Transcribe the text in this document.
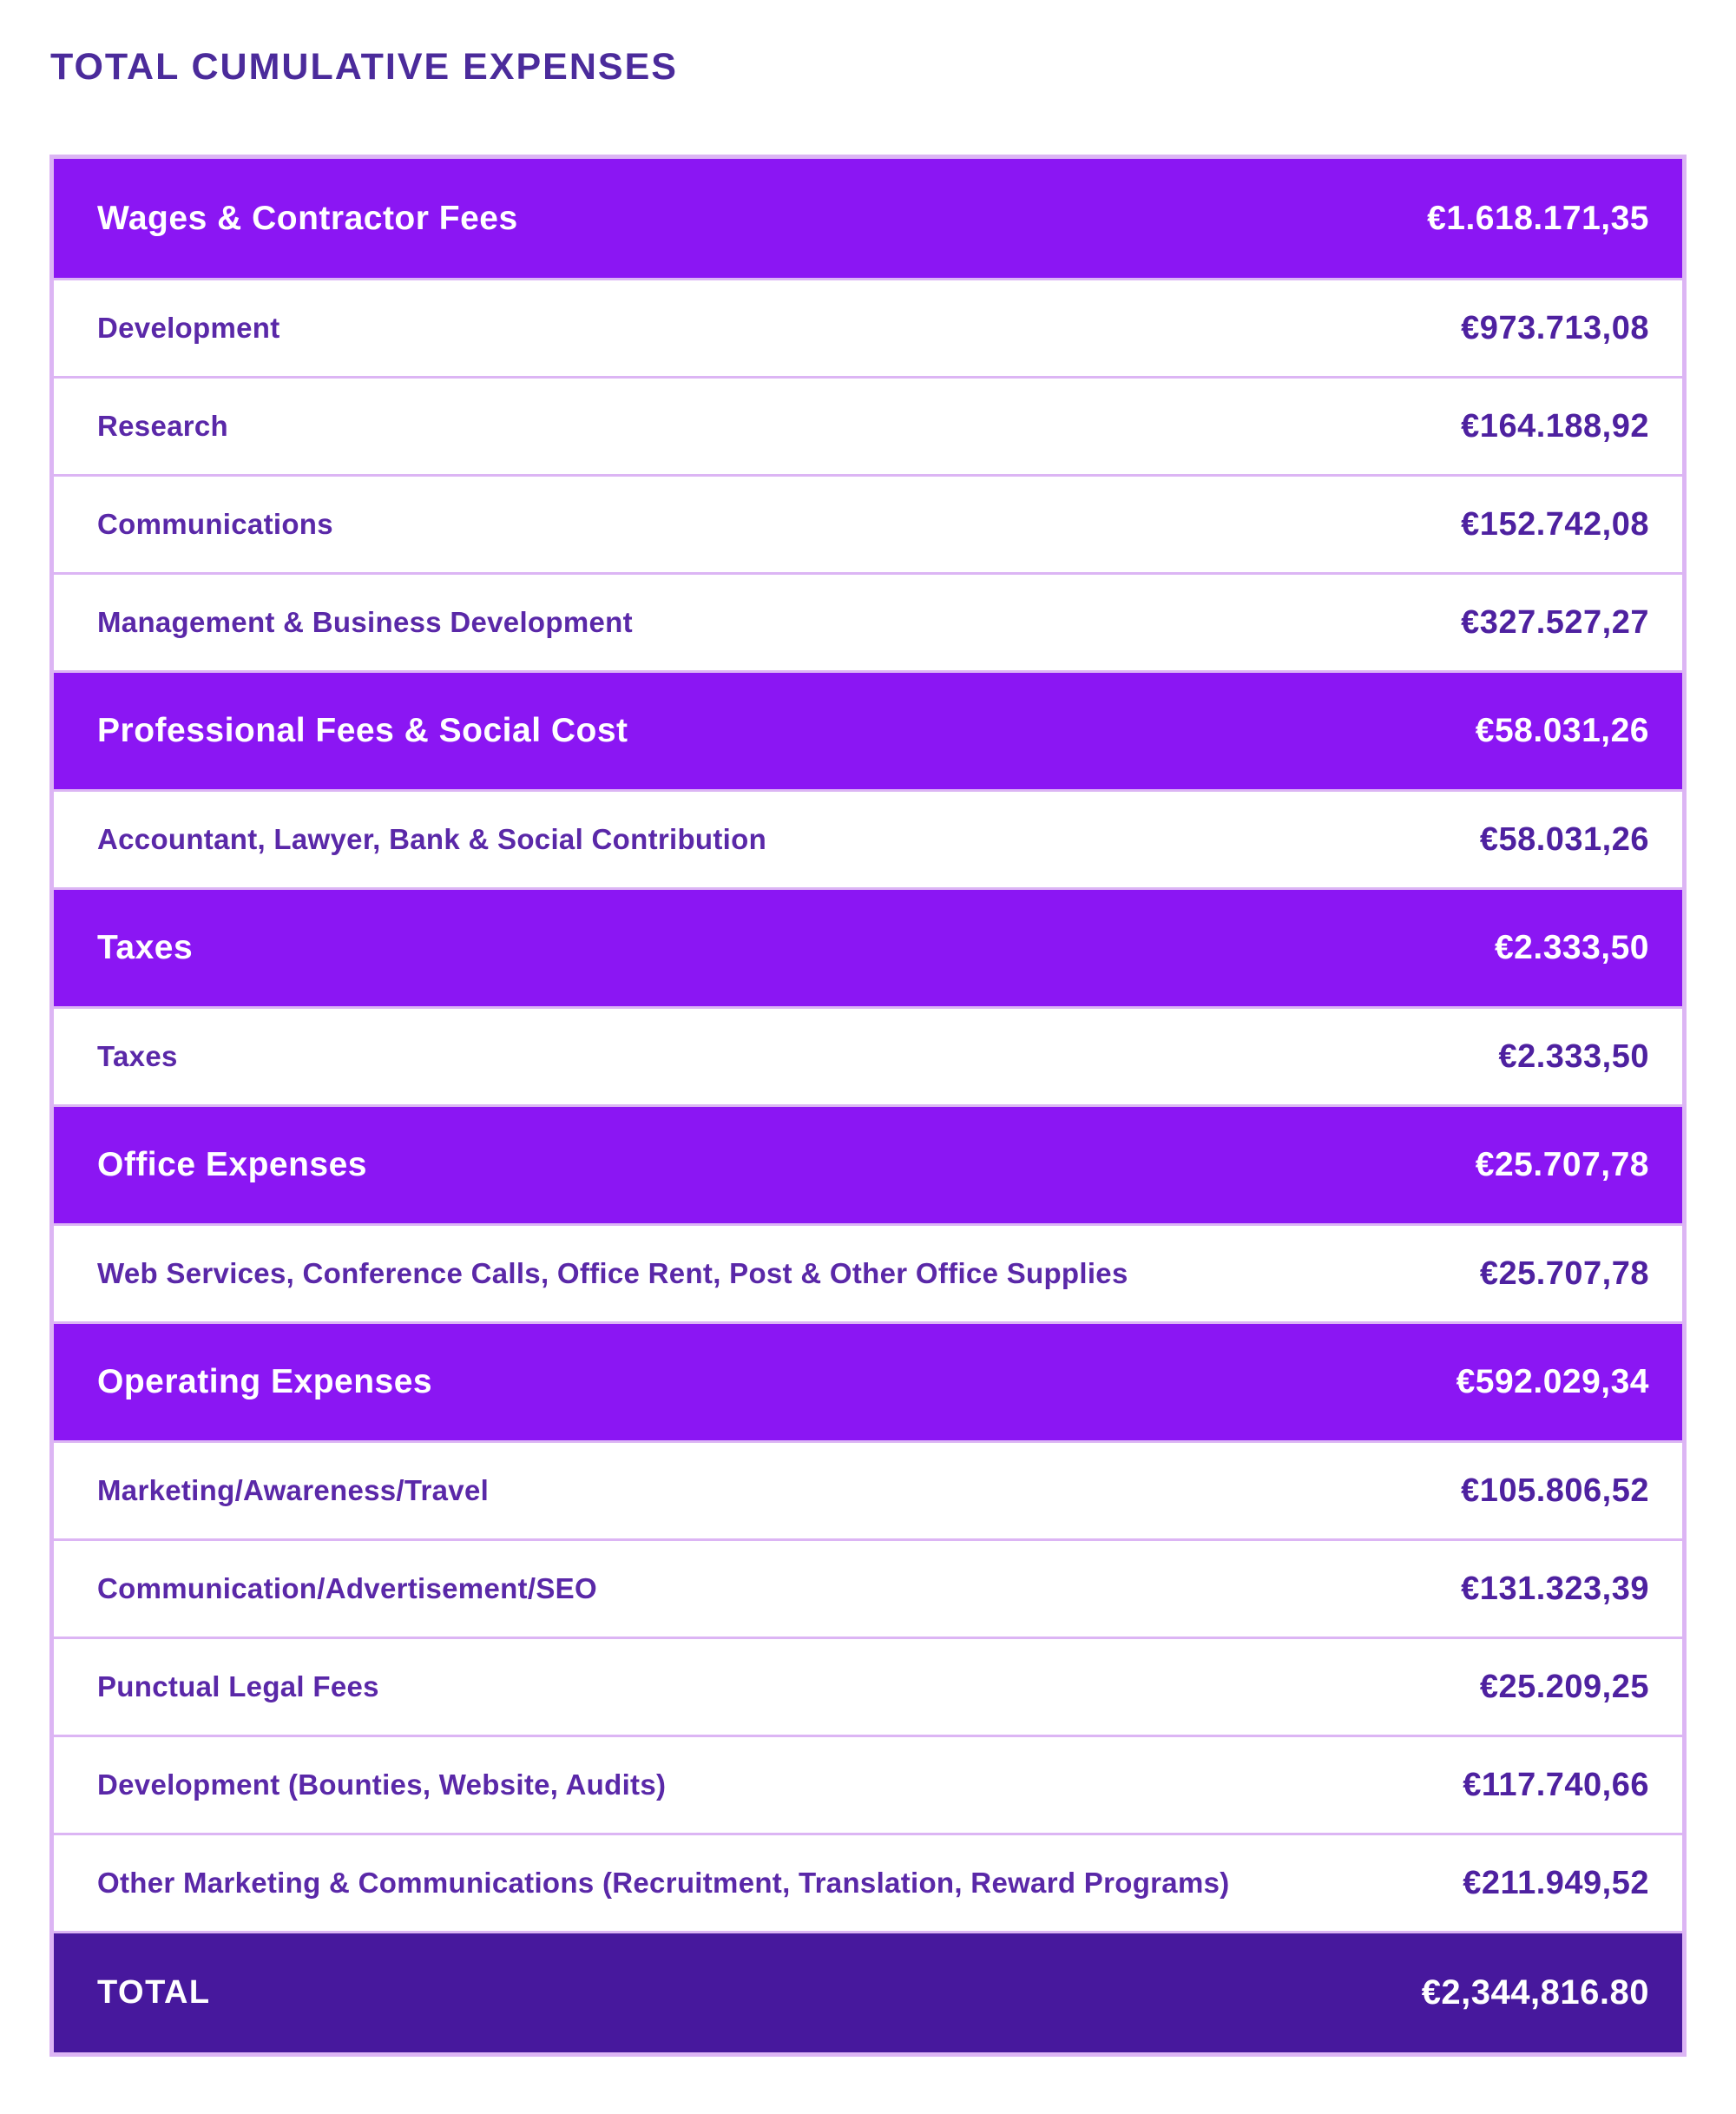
TOTAL CUMULATIVE EXPENSES
Wages & Contractor Fees	€1.618.171,35
Development	€973.713,08
Research	€164.188,92
Communications	€152.742,08
Management & Business Development	€327.527,27
Professional Fees & Social Cost	€58.031,26
Accountant, Lawyer, Bank & Social Contribution	€58.031,26
Taxes	€2.333,50
Taxes	€2.333,50
Office Expenses	€25.707,78
Web Services, Conference Calls, Office Rent, Post & Other Office Supplies	€25.707,78
Operating Expenses	€592.029,34
Marketing/Awareness/Travel	€105.806,52
Communication/Advertisement/SEO	€131.323,39
Punctual Legal Fees	€25.209,25
Development (Bounties, Website, Audits)	€117.740,66
Other Marketing & Communications (Recruitment, Translation, Reward Programs)	€211.949,52
TOTAL	€2,344,816.80
